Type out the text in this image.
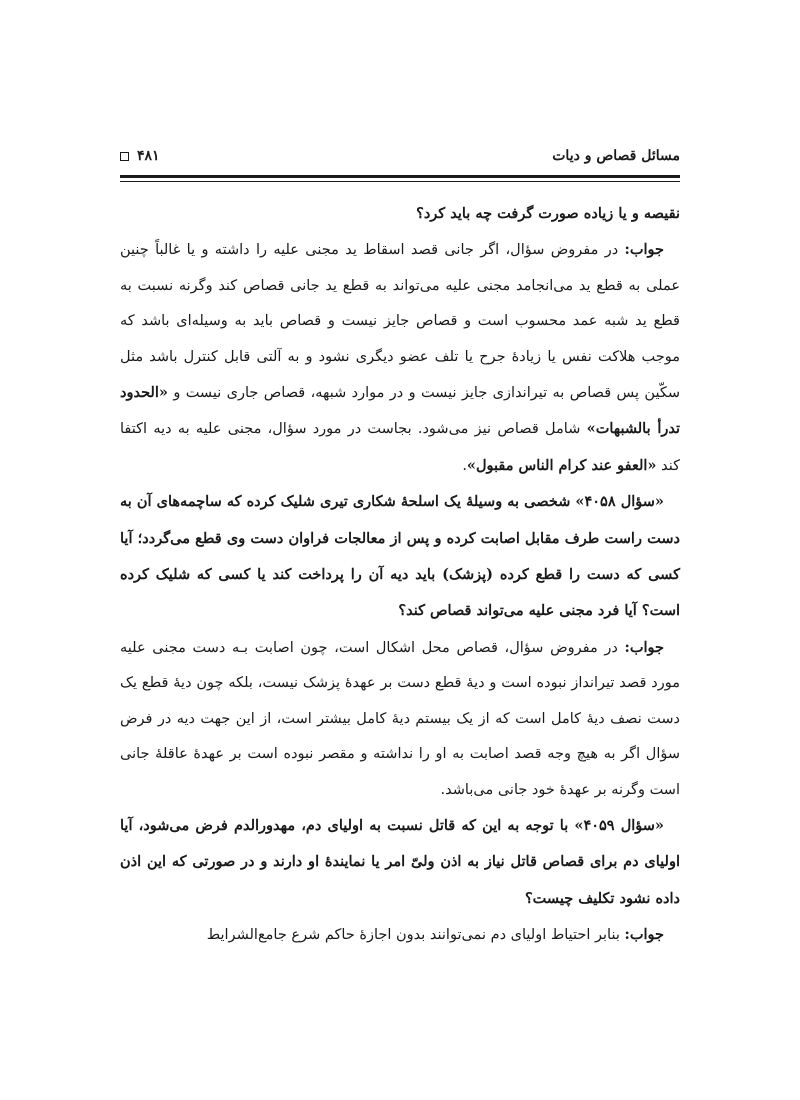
مسائل قصاص و دیات
۴۸۱

نقیصه و یا زیاده صورت گرفت چه باید کرد؟

جواب: در مفروض سؤال، اگر جانی قصد اسقاط ید مجنی علیه را داشته و یا غالباً چنین عملی به قطع ید می‌انجامد مجنی علیه می‌تواند به قطع ید جانی قصاص کند وگرنه نسبت به قطع ید شبه عمد محسوب است و قصاص جایز نیست و قصاص باید به وسیله‌ای باشد که موجب هلاکت نفس یا زیادهٔ جرح یا تلف عضو دیگری نشود و به آلتی قابل کنترل باشد مثل سکّین پس قصاص به تیراندازی جایز نیست و در موارد شبهه، قصاص جاری نیست و «الحدود تدرأ بالشبهات» شامل قصاص نیز می‌شود. بجاست در مورد سؤال، مجنی علیه به دیه اکتفا کند «العفو عند کرام الناس مقبول».

«سؤال ۴۰۵۸» شخصی به وسیلهٔ یک اسلحهٔ شکاری تیری شلیک کرده که ساچمه‌های آن به دست راست طرف مقابل اصابت کرده و پس از معالجات فراوان دست وی قطع می‌گردد؛ آیا کسی که دست را قطع کرده (پزشک) باید دیه آن را پرداخت کند یا کسی که شلیک کرده است؟ آیا فرد مجنی علیه می‌تواند قصاص کند؟

جواب: در مفروض سؤال، قصاص محل اشکال است، چون اصابت بـه دست مجنی علیه مورد قصد تیرانداز نبوده است و دیهٔ قطع دست بر عهدهٔ پزشک نیست، بلکه چون دیهٔ قطع یک دست نصف دیهٔ کامل است که از یک بیستم دیهٔ کامل بیشتر است، از این جهت دیه در فرض سؤال اگر به هیچ وجه قصد اصابت به او را نداشته و مقصر نبوده است بر عهدهٔ عاقلهٔ جانی است وگرنه بر عهدهٔ خود جانی می‌باشد.

«سؤال ۴۰۵۹» با توجه به این که قاتل نسبت به اولیای دم، مهدورالدم فرض می‌شود، آیا اولیای دم برای قصاص قاتل نیاز به اذن ولیّ امر یا نمایندهٔ او دارند و در صورتی که این اذن داده نشود تکلیف چیست؟

جواب: بنابر احتیاط اولیای دم نمی‌توانند بدون اجازهٔ حاکم شرع جامع‌الشرایط
